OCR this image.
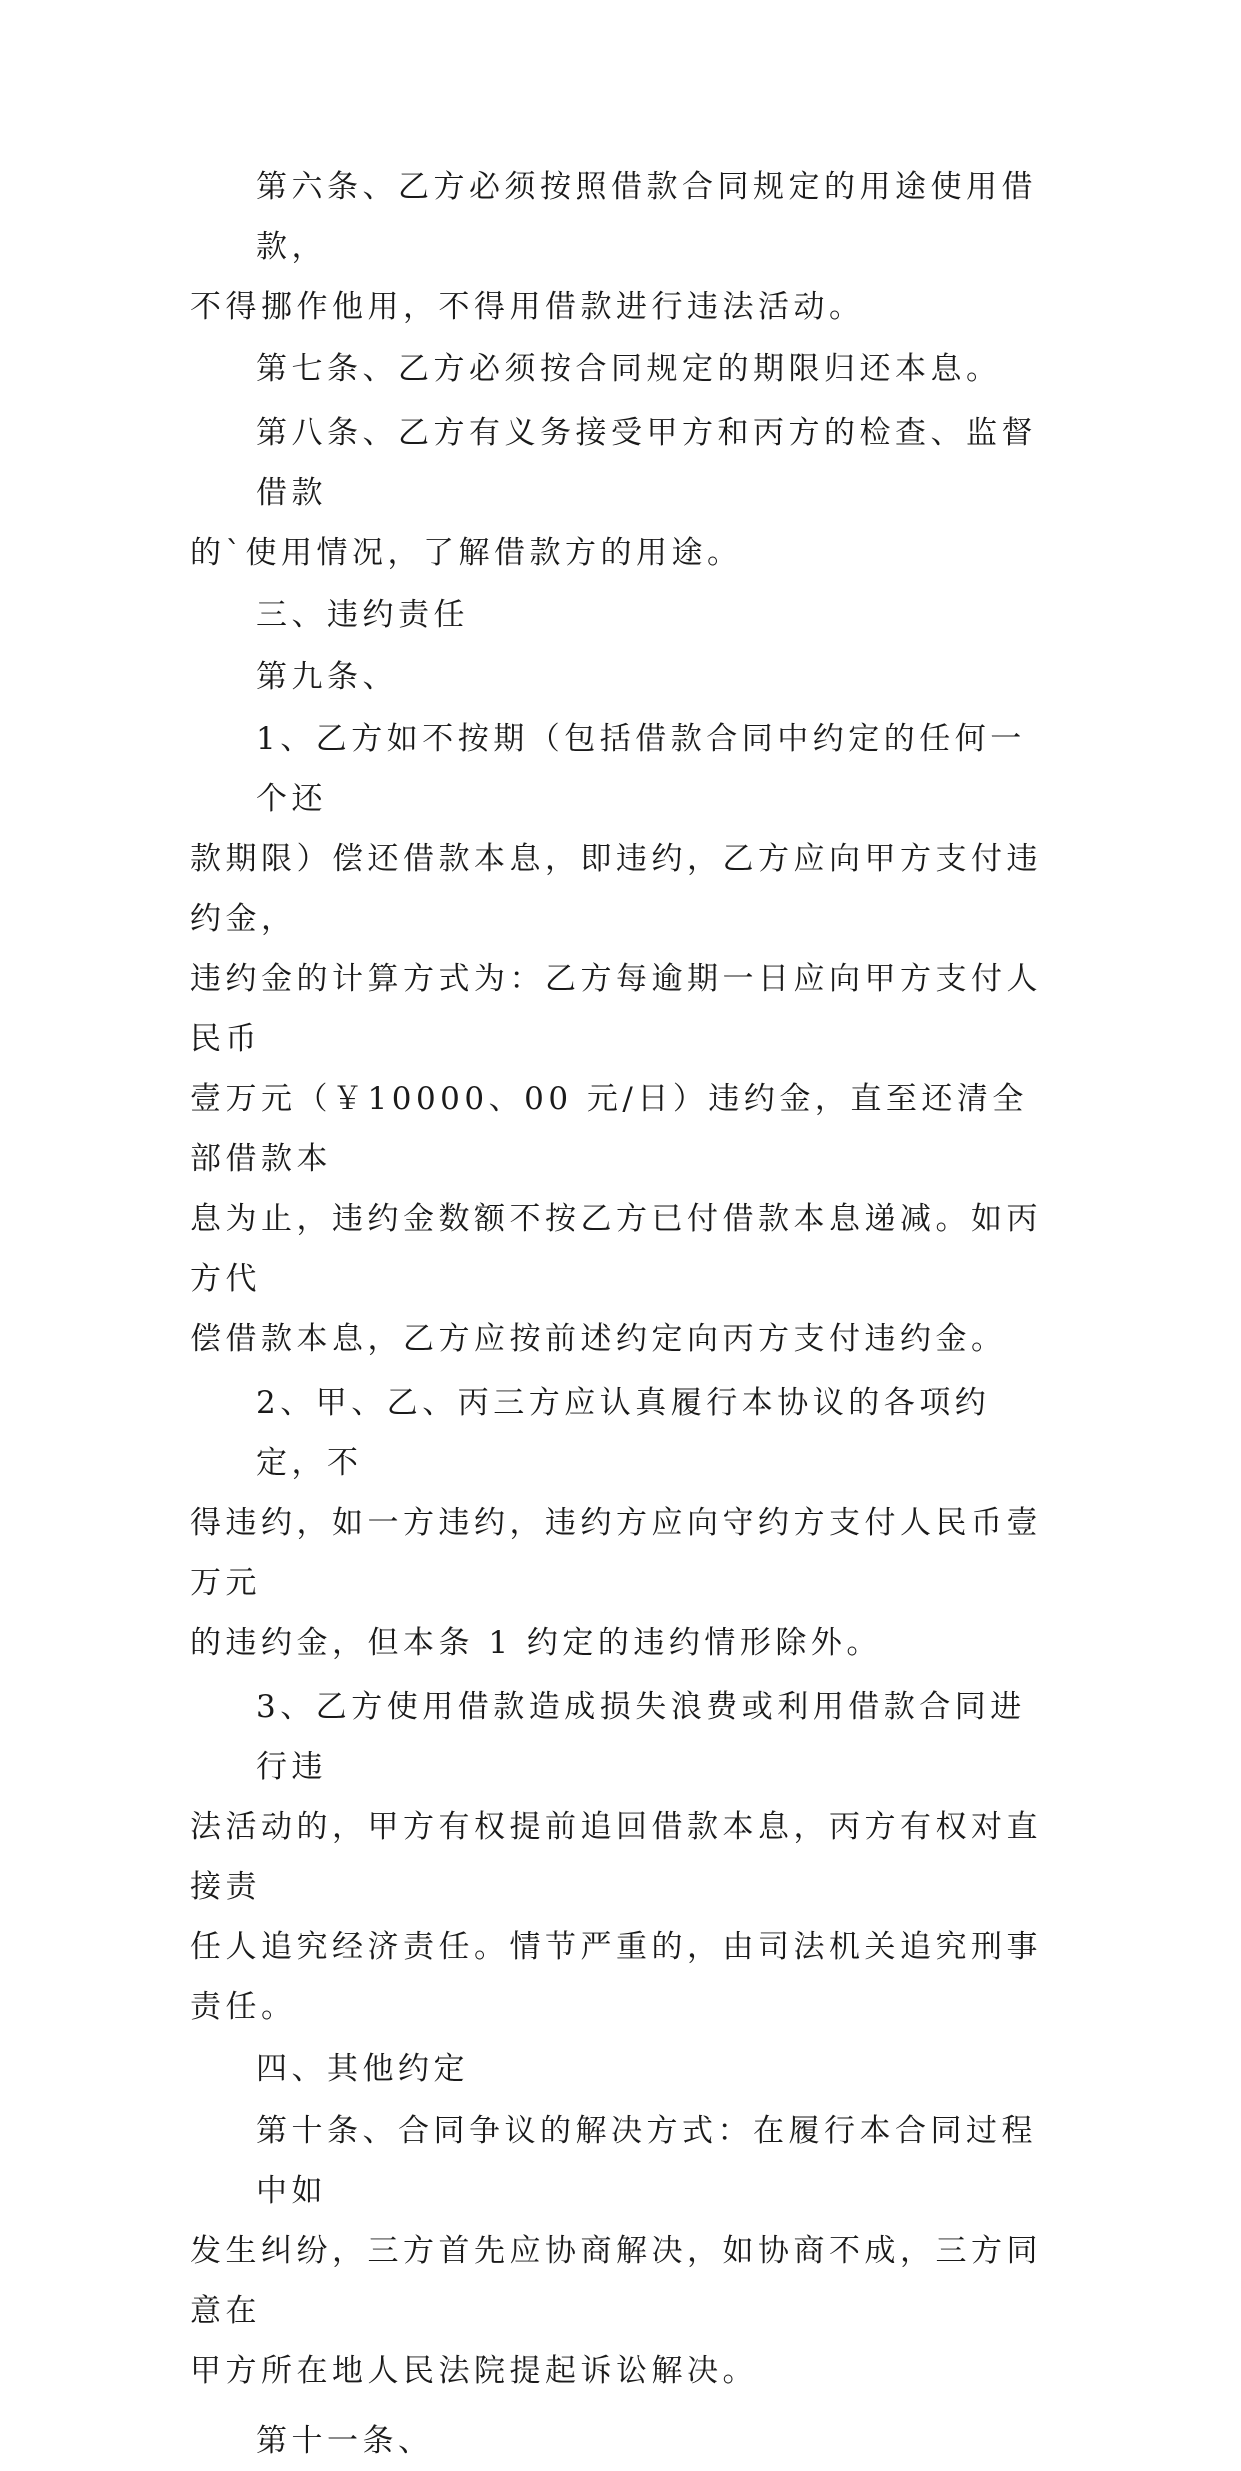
第六条、乙方必须按照借款合同规定的用途使用借款，
不得挪作他用，不得用借款进行违法活动。
第七条、乙方必须按合同规定的期限归还本息。
第八条、乙方有义务接受甲方和丙方的检查、监督借款
的`使用情况，了解借款方的用途。
三、违约责任
第九条、
1、乙方如不按期（包括借款合同中约定的任何一个还
款期限）偿还借款本息，即违约，乙方应向甲方支付违约金，
违约金的计算方式为：乙方每逾期一日应向甲方支付人民币
壹万元（￥10000、00 元/日）违约金，直至还清全部借款本
息为止，违约金数额不按乙方已付借款本息递减。如丙方代
偿借款本息，乙方应按前述约定向丙方支付违约金。
2、甲、乙、丙三方应认真履行本协议的各项约定，不
得违约，如一方违约，违约方应向守约方支付人民币壹万元
的违约金，但本条 1 约定的违约情形除外。
3、乙方使用借款造成损失浪费或利用借款合同进行违
法活动的，甲方有权提前追回借款本息，丙方有权对直接责
任人追究经济责任。情节严重的，由司法机关追究刑事责任。
四、其他约定
第十条、合同争议的解决方式：在履行本合同过程中如
发生纠纷，三方首先应协商解决，如协商不成，三方同意在
甲方所在地人民法院提起诉讼解决。
第十一条、
